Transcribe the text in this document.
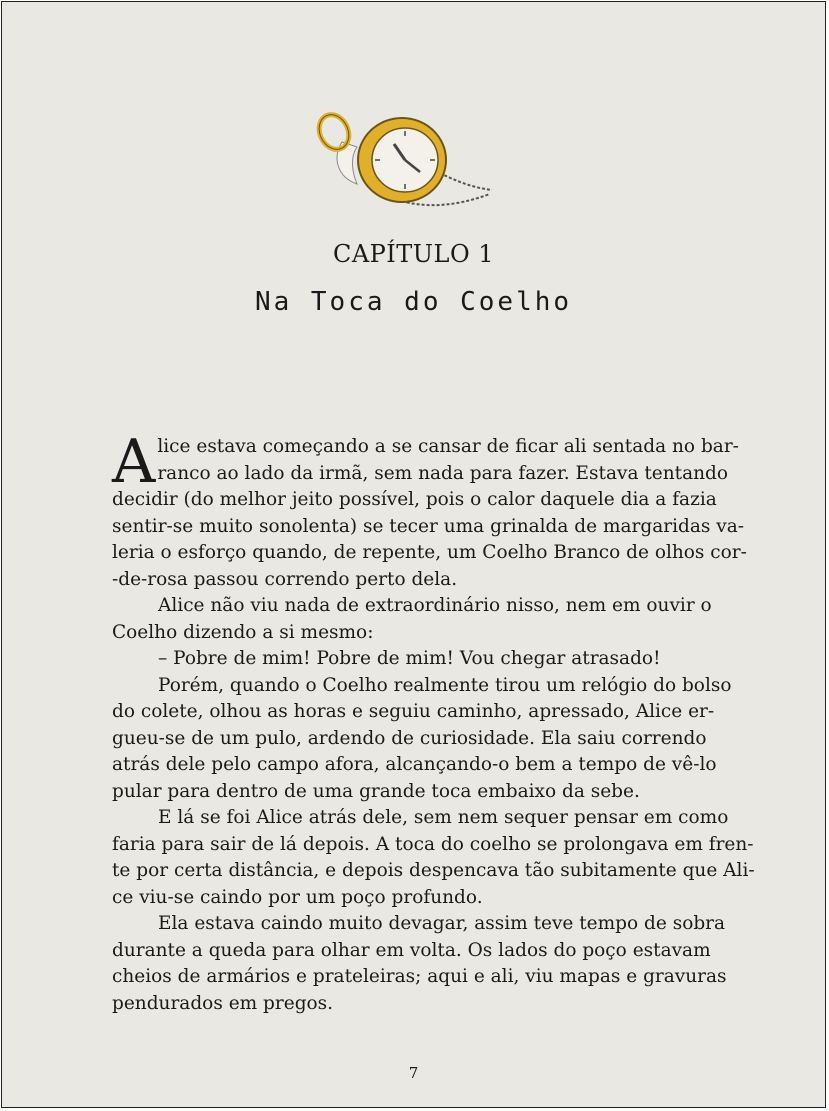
CAPÍTULO 1
Na Toca do Coelho

A lice estava começando a se cansar de ficar ali sentada no bar-
ranco ao lado da irmã, sem nada para fazer. Estava tentando
decidir (do melhor jeito possível, pois o calor daquele dia a fazia
sentir-se muito sonolenta) se tecer uma grinalda de margaridas va-
leria o esforço quando, de repente, um Coelho Branco de olhos cor-
-de-rosa passou correndo perto dela.

Alice não viu nada de extraordinário nisso, nem em ouvir o
Coelho dizendo a si mesmo:

– Pobre de mim! Pobre de mim! Vou chegar atrasado!

Porém, quando o Coelho realmente tirou um relógio do bolso
do colete, olhou as horas e seguiu caminho, apressado, Alice er-
gueu-se de um pulo, ardendo de curiosidade. Ela saiu correndo
atrás dele pelo campo afora, alcançando-o bem a tempo de vê-lo
pular para dentro de uma grande toca embaixo da sebe.

E lá se foi Alice atrás dele, sem nem sequer pensar em como
faria para sair de lá depois. A toca do coelho se prolongava em fren-
te por certa distância, e depois despencava tão subitamente que Ali-
ce viu-se caindo por um poço profundo.

Ela estava caindo muito devagar, assim teve tempo de sobra
durante a queda para olhar em volta. Os lados do poço estavam
cheios de armários e prateleiras; aqui e ali, viu mapas e gravuras
pendurados em pregos.

7
